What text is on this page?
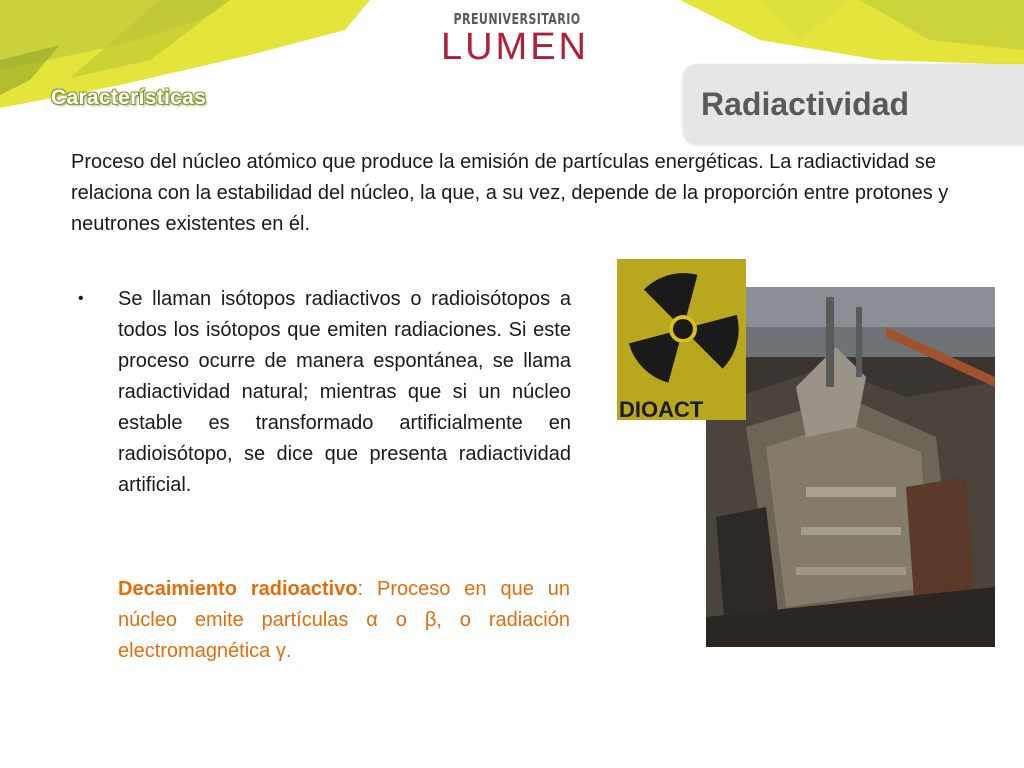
PREUNIVERSITARIO
LUMEN
Características	Radiactividad
Proceso del núcleo atómico que produce la emisión de partículas energéticas. La radiactividad se relaciona con la estabilidad del núcleo, la que, a su vez, depende de la proporción entre protones y neutrones existentes en él.
• Se llaman isótopos radiactivos o radioisótopos a todos los isótopos que emiten radiaciones. Si este proceso ocurre de manera espontánea, se llama radiactividad natural; mientras que si un núcleo estable es transformado artificialmente en radioisótopo, se dice que presenta radiactividad artificial.
Decaimiento radioactivo: Proceso en que un núcleo emite partículas α o β, o radiación electromagnética γ.
DIOACT
